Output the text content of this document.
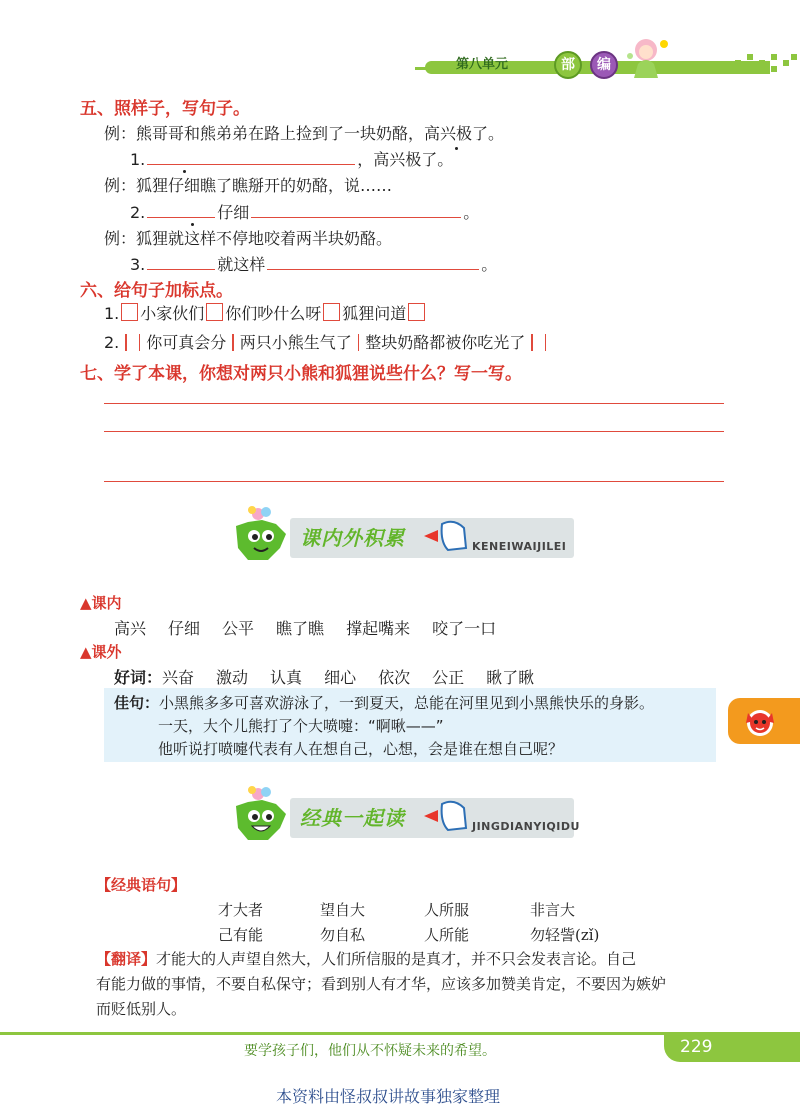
第八单元	部	编
五、照样子，写句子。
例：熊哥哥和熊弟弟在路上捡到了一块奶酪，高兴极了。
1.	，高兴极了。
例：狐狸仔细瞧了瞧掰开的奶酪，说……
2.	仔细	。
例：狐狸就这样不停地咬着两半块奶酪。
3.	就这样	。
六、给句子加标点。
1. 小家伙们 你们吵什么呀 狐狸问道
2. 你可真会分 两只小熊生气了 整块奶酪都被你吃光了
七、学了本课，你想对两只小熊和狐狸说些什么？写一写。
课内外积累	KENEIWAIJILEI
▲课内
高兴 仔细 公平 瞧了瞧 撑起嘴来 咬了一口
▲课外
好词：兴奋 激动 认真 细心 依次 公正 瞅了瞅
佳句：小黑熊多多可喜欢游泳了，一到夏天，总能在河里见到小黑熊快乐的身影。
一天，大个儿熊打了个大喷嚏：“啊啾——”
他听说打喷嚏代表有人在想自己，心想，会是谁在想自己呢？
经典一起读	JINGDIANYIQIDU
【经典语句】
才大者	望自大	人所服	非言大
己有能	勿自私	人所能	勿轻訾(zǐ)
【翻译】才能大的人声望自然大，人们所信服的是真才，并不只会发表言论。自己
有能力做的事情，不要自私保守；看到别人有才华，应该多加赞美肯定，不要因为嫉妒
而贬低别人。
要学孩子们，他们从不怀疑未来的希望。	229
本资料由怪叔叔讲故事独家整理
